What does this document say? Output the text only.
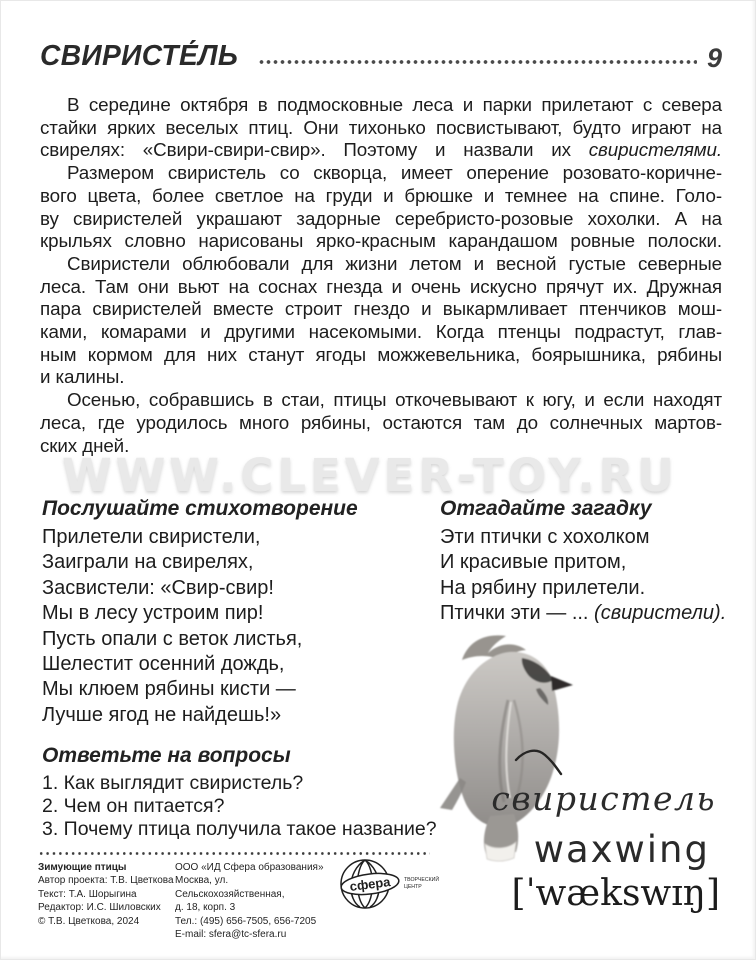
СВИРИСТЕ́ЛЬ	9
В середине октября в подмосковные леса и парки прилетают с севера
стайки ярких веселых птиц. Они тихонько посвистывают, будто играют на
свирелях: «Свири-свири-свир». Поэтому и назвали их свиристелями.
Размером свиристель со скворца, имеет оперение розовато-коричне-
вого цвета, более светлое на груди и брюшке и темнее на спине. Голо-
ву свиристелей украшают задорные серебристо-розовые хохолки. А на
крыльях словно нарисованы ярко-красным карандашом ровные полоски.
Свиристели облюбовали для жизни летом и весной густые северные
леса. Там они вьют на соснах гнезда и очень искусно прячут их. Дружная
пара свиристелей вместе строит гнездо и выкармливает птенчиков мош-
ками, комарами и другими насекомыми. Когда птенцы подрастут, глав-
ным кормом для них станут ягоды можжевельника, боярышника, рябины
и калины.
Осенью, собравшись в стаи, птицы откочевывают к югу, и если находят
леса, где уродилось много рябины, остаются там до солнечных мартов-
ских дней.
WWW.CLEVER-TOY.RU
Послушайте стихотворение
Прилетели свиристели,
Заиграли на свирелях,
Засвистели: «Свир-свир!
Мы в лесу устроим пир!
Пусть опали с веток листья,
Шелестит осенний дождь,
Мы клюем рябины кисти —
Лучше ягод не найдешь!»
Отгадайте загадку
Эти птички с хохолком
И красивые притом,
На рябину прилетели.
Птички эти — ... (свиристели).
Ответьте на вопросы
1. Как выглядит свиристель?
2. Чем он питается?
3. Почему птица получила такое название?
свиристель
waxwing
[ˈwækswɪŋ]
Зимующие птицы
Автор проекта: Т.В. Цветкова
Текст: Т.А. Шорыгина
Редактор: И.С. Шиловских
© Т.В. Цветкова, 2024
ООО «ИД Сфера образования»
Москва, ул. Сельскохозяйственная,
д. 18, корп. 3
Тел.: (495) 656-7505, 656-7205
E-mail: sfera@tc-sfera.ru
сфера ТВОРЧЕСКИЙ
ЦЕНТР
